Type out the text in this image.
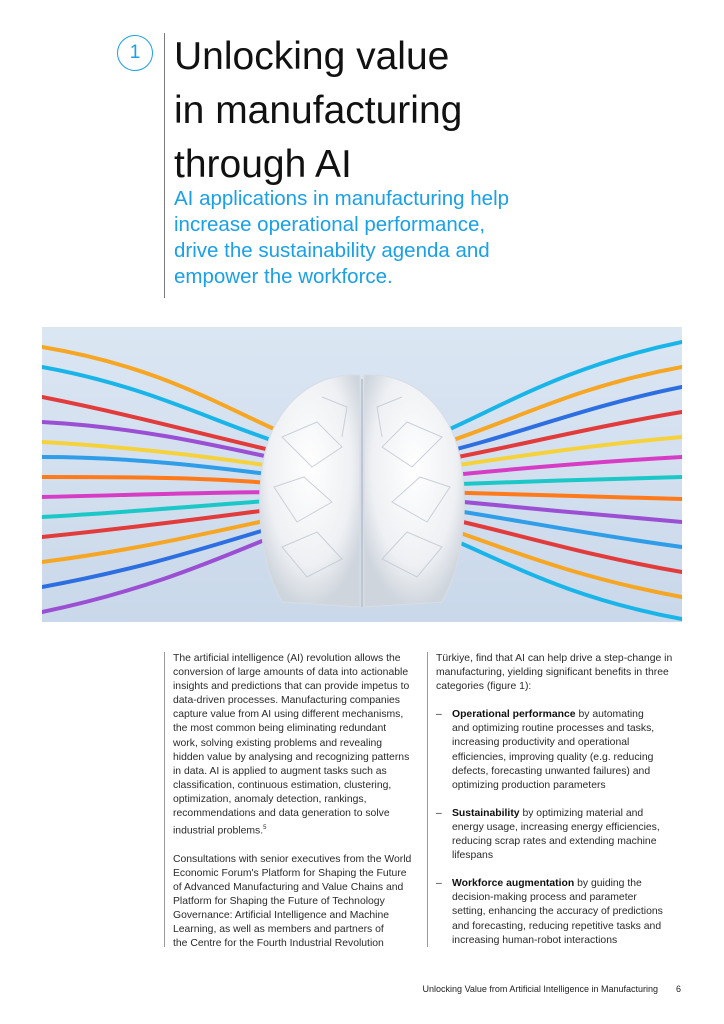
1 Unlocking value
in manufacturing
through AI

AI applications in manufacturing help
increase operational performance,
drive the sustainability agenda and
empower the workforce.

The artificial intelligence (AI) revolution allows the
conversion of large amounts of data into actionable
insights and predictions that can provide impetus to
data-driven processes. Manufacturing companies
capture value from AI using different mechanisms,
the most common being eliminating redundant
work, solving existing problems and revealing
hidden value by analysing and recognizing patterns
in data. AI is applied to augment tasks such as
classification, continuous estimation, clustering,
optimization, anomaly detection, rankings,
recommendations and data generation to solve
industrial problems.$^5$

Consultations with senior executives from the World
Economic Forum's Platform for Shaping the Future
of Advanced Manufacturing and Value Chains and
Platform for Shaping the Future of Technology
Governance: Artificial Intelligence and Machine
Learning, as well as members and partners of
the Centre for the Fourth Industrial Revolution

Türkiye, find that AI can help drive a step-change in
manufacturing, yielding significant benefits in three
categories (figure 1):

– Operational performance by automating
and optimizing routine processes and tasks,
increasing productivity and operational
efficiencies, improving quality (e.g. reducing
defects, forecasting unwanted failures) and
optimizing production parameters
– Sustainability by optimizing material and
energy usage, increasing energy efficiencies,
reducing scrap rates and extending machine
lifespans
– Workforce augmentation by guiding the
decision-making process and parameter
setting, enhancing the accuracy of predictions
and forecasting, reducing repetitive tasks and
increasing human-robot interactions
Unlocking Value from Artificial Intelligence in Manufacturing 6
